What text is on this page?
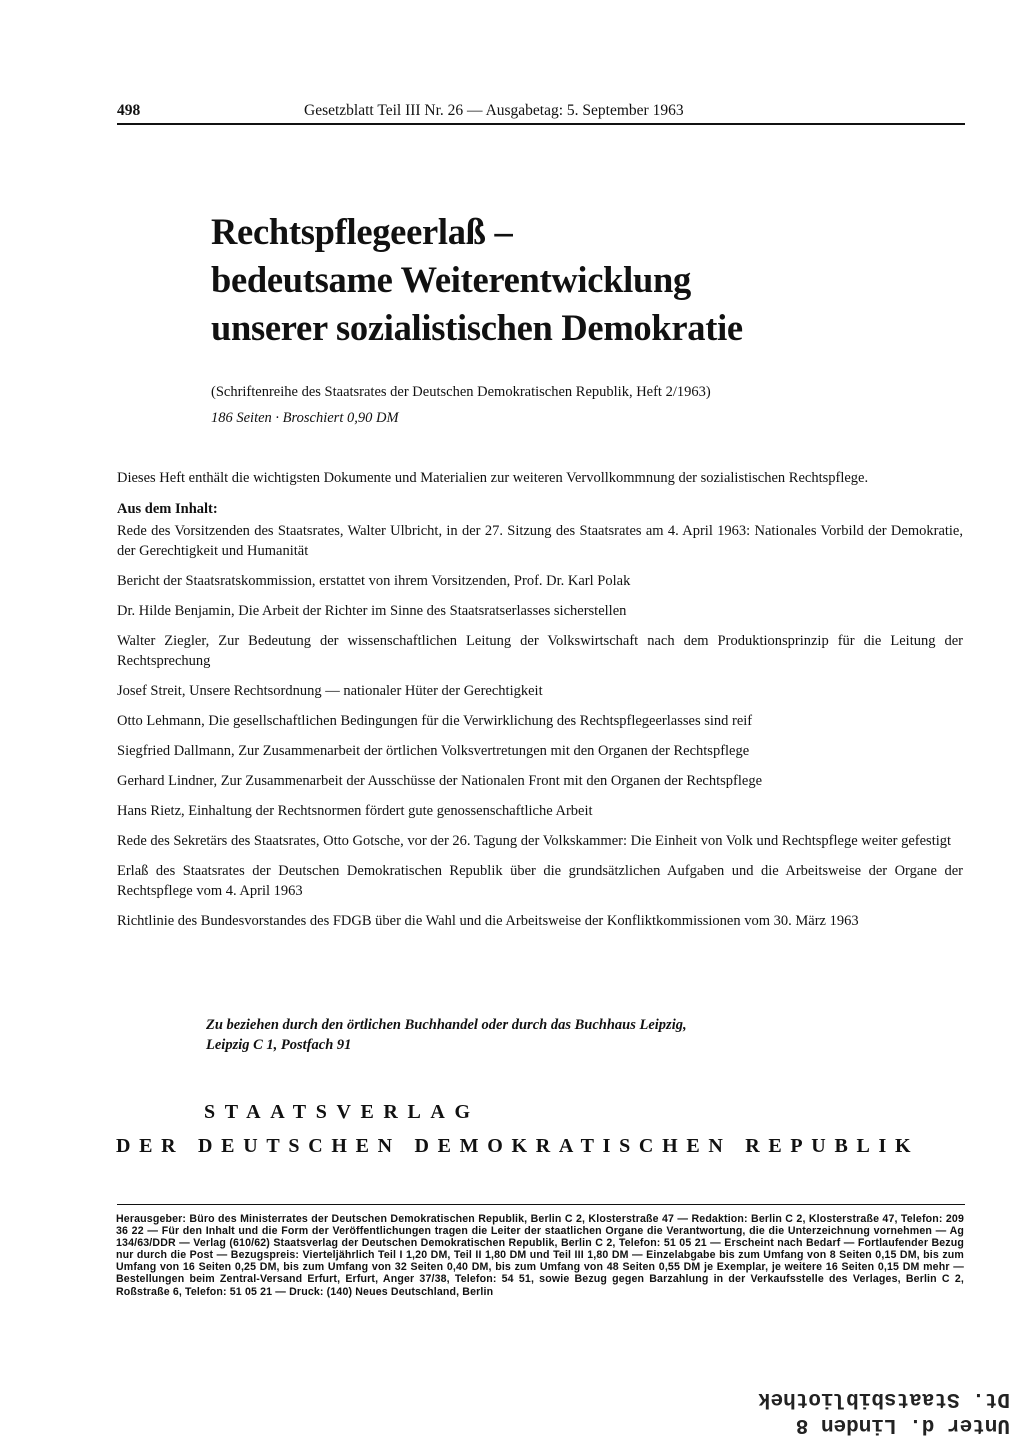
498	Gesetzblatt Teil III Nr. 26 — Ausgabetag: 5. September 1963
Rechtspflegeerlaß –
bedeutsame Weiterentwicklung
unserer sozialistischen Demokratie
(Schriftenreihe des Staatsrates der Deutschen Demokratischen Republik, Heft 2/1963)
186 Seiten · Broschiert 0,90 DM

Dieses Heft enthält die wichtigsten Dokumente und Materialien zur weiteren Vervollkommnung der sozialistischen Rechtspflege.

Aus dem Inhalt:

Rede des Vorsitzenden des Staatsrates, Walter Ulbricht, in der 27. Sitzung des Staatsrates am 4. April 1963: Nationales Vorbild der Demokratie, der Gerechtigkeit und Humanität

Bericht der Staatsratskommission, erstattet von ihrem Vorsitzenden, Prof. Dr. Karl Polak

Dr. Hilde Benjamin, Die Arbeit der Richter im Sinne des Staatsratserlasses sicherstellen

Walter Ziegler, Zur Bedeutung der wissenschaftlichen Leitung der Volkswirtschaft nach dem Produktionsprinzip für die Leitung der Rechtsprechung

Josef Streit, Unsere Rechtsordnung — nationaler Hüter der Gerechtigkeit

Otto Lehmann, Die gesellschaftlichen Bedingungen für die Verwirklichung des Rechtspflegeerlasses sind reif

Siegfried Dallmann, Zur Zusammenarbeit der örtlichen Volksvertretungen mit den Organen der Rechtspflege

Gerhard Lindner, Zur Zusammenarbeit der Ausschüsse der Nationalen Front mit den Organen der Rechtspflege

Hans Rietz, Einhaltung der Rechtsnormen fördert gute genossenschaftliche Arbeit

Rede des Sekretärs des Staatsrates, Otto Gotsche, vor der 26. Tagung der Volkskammer: Die Einheit von Volk und Rechtspflege weiter gefestigt

Erlaß des Staatsrates der Deutschen Demokratischen Republik über die grundsätzlichen Aufgaben und die Arbeitsweise der Organe der Rechtspflege vom 4. April 1963

Richtlinie des Bundesvorstandes des FDGB über die Wahl und die Arbeitsweise der Konfliktkommissionen vom 30. März 1963

Zu beziehen durch den örtlichen Buchhandel oder durch das Buchhaus Leipzig,
Leipzig C 1, Postfach 91
STAATSVERLAG
DER DEUTSCHEN DEMOKRATISCHEN REPUBLIK
Herausgeber: Büro des Ministerrates der Deutschen Demokratischen Republik, Berlin C 2, Klosterstraße 47 — Redaktion: Berlin C 2, Klosterstraße 47, Telefon: 209 36 22 — Für den Inhalt und die Form der Veröffentlichungen tragen die Leiter der staatlichen Organe die Verantwortung, die die Unterzeichnung vornehmen — Ag 134/63/DDR — Verlag (610/62) Staatsverlag der Deutschen Demokratischen Republik, Berlin C 2, Telefon: 51 05 21 — Erscheint nach Bedarf — Fortlaufender Bezug nur durch die Post — Bezugspreis: Vierteljährlich Teil I 1,20 DM, Teil II 1,80 DM und Teil III 1,80 DM — Einzelabgabe bis zum Umfang von 8 Seiten 0,15 DM, bis zum Umfang von 16 Seiten 0,25 DM, bis zum Umfang von 32 Seiten 0,40 DM, bis zum Umfang von 48 Seiten 0,55 DM je Exemplar, je weitere 16 Seiten 0,15 DM mehr — Bestellungen beim Zentral-Versand Erfurt, Erfurt, Anger 37/38, Telefon: 54 51, sowie Bezug gegen Barzahlung in der Verkaufsstelle des Verlages, Berlin C 2, Roßstraße 6, Telefon: 51 05 21 — Druck: (140) Neues Deutschland, Berlin
Unter d. Linden 8
Dt. Staatsbibliothek
